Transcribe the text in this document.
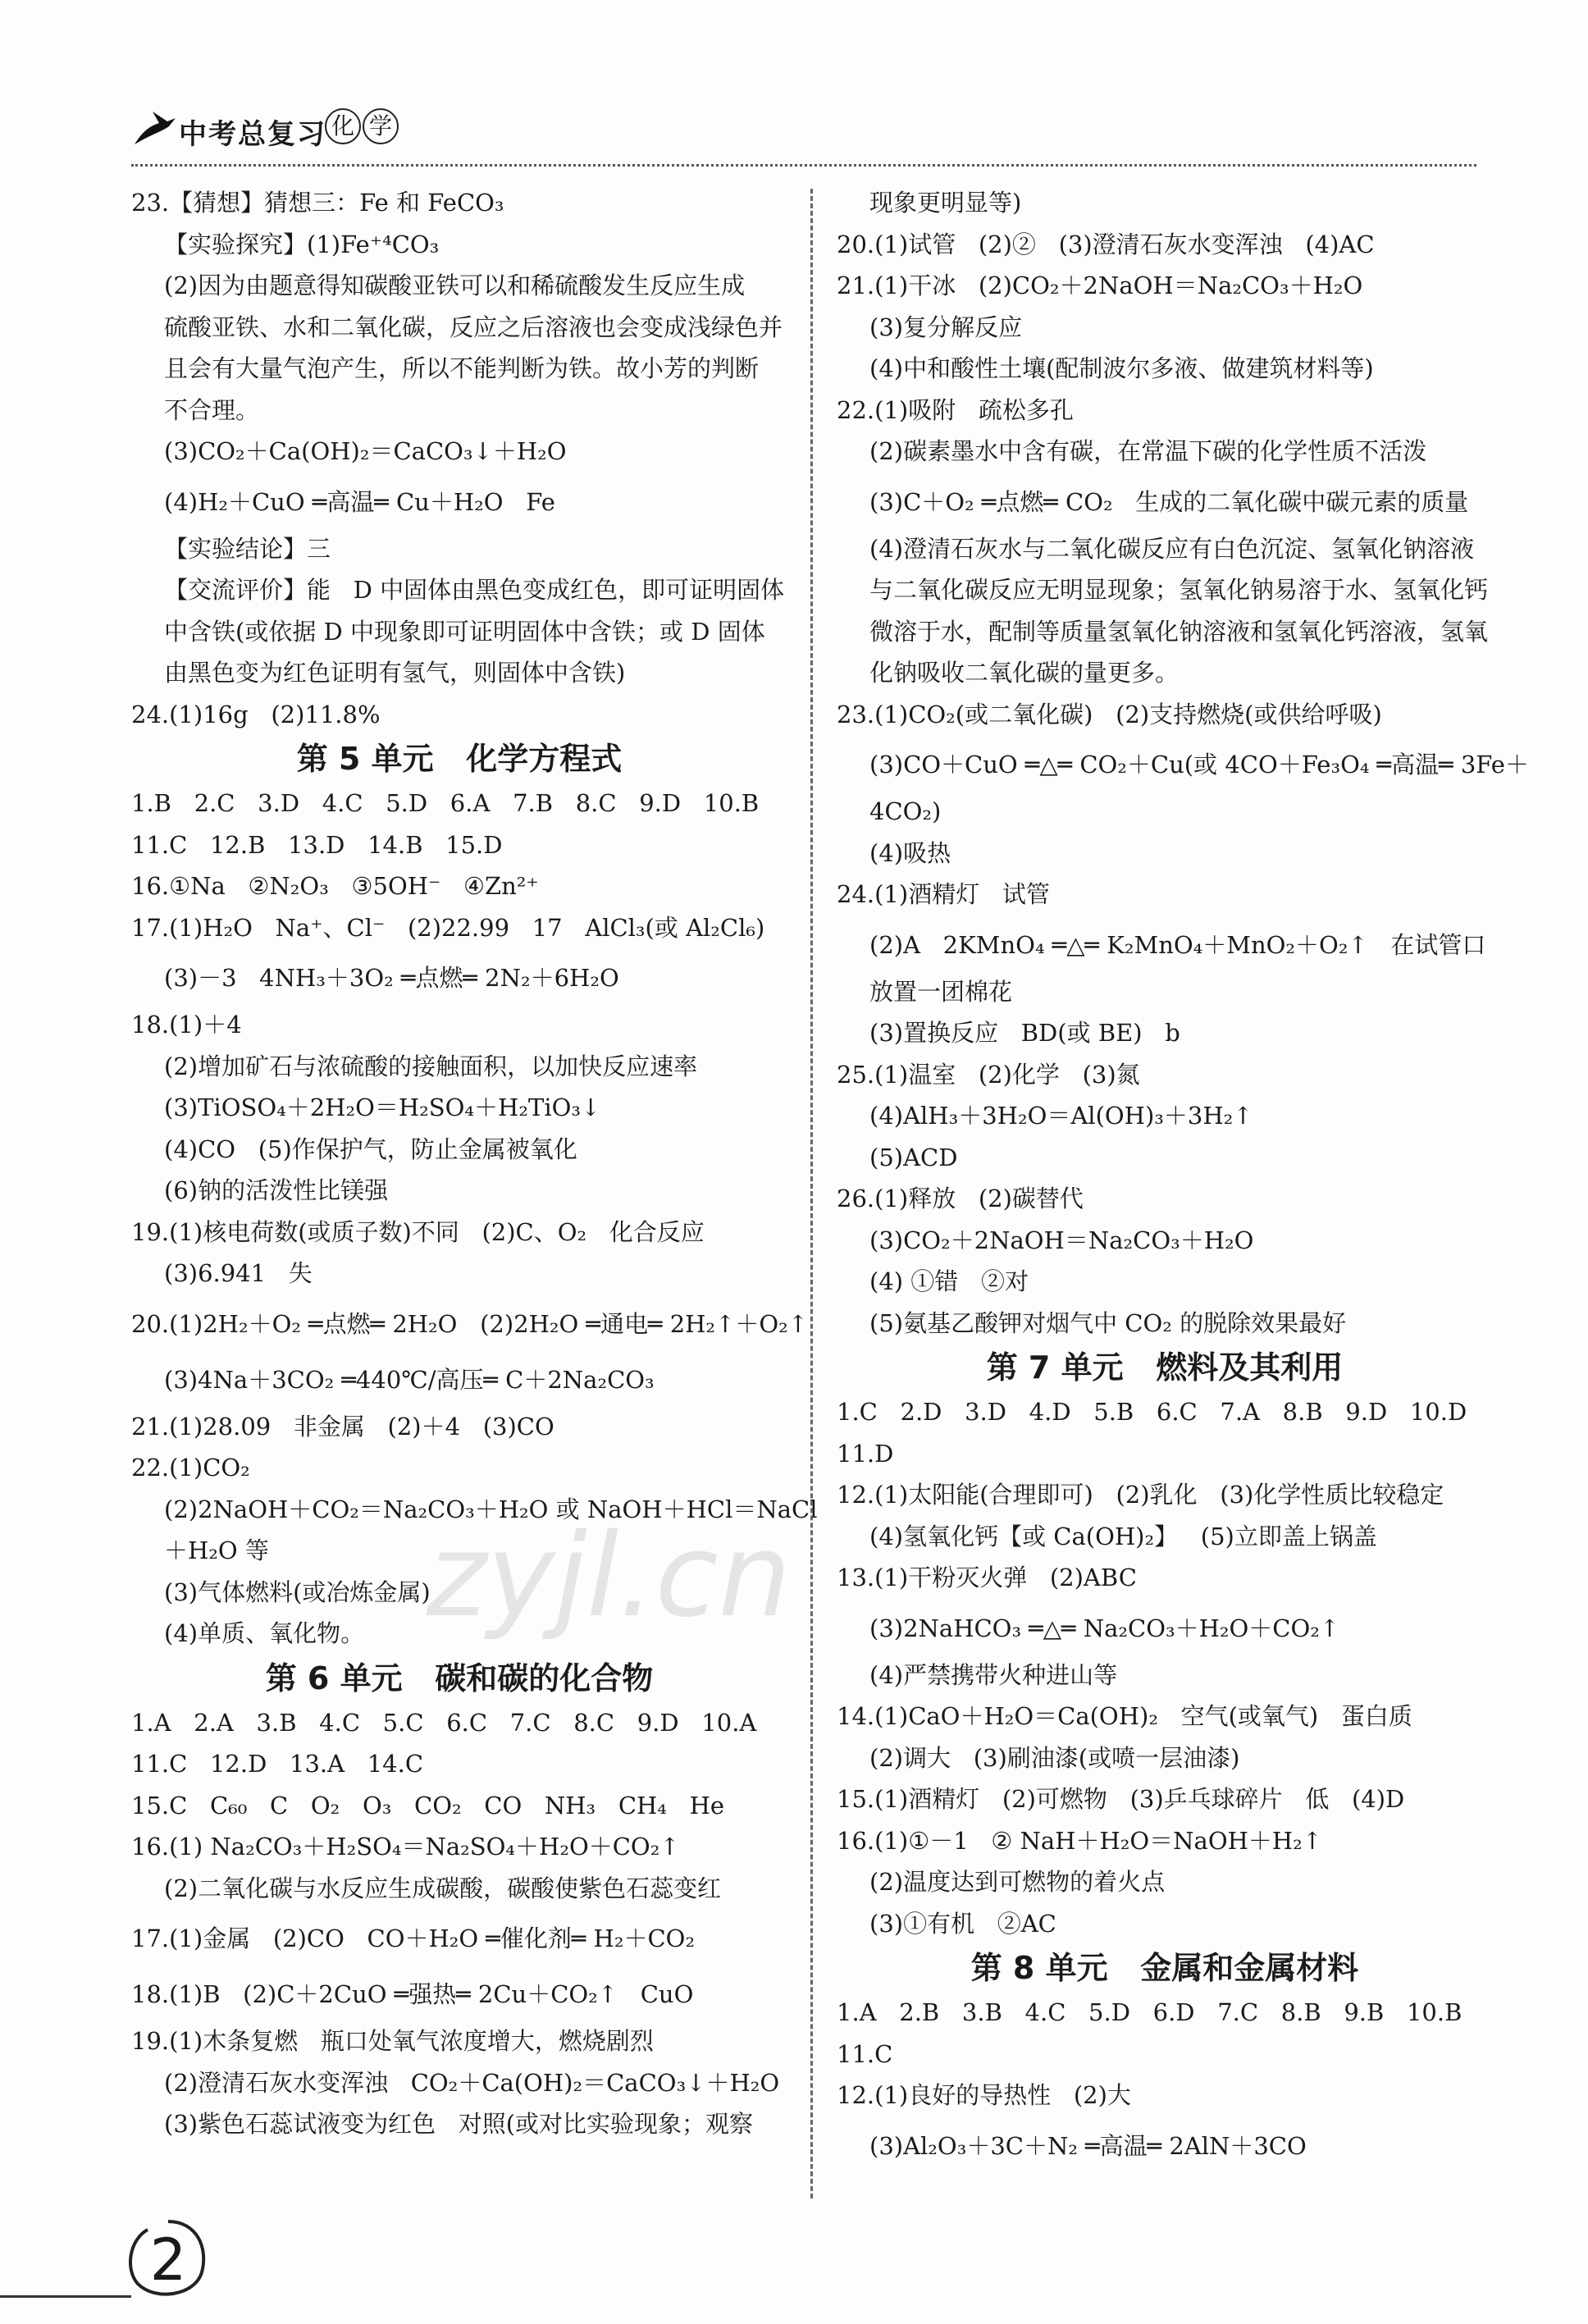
中考总复习 化 学
23.【猜想】猜想三：Fe 和 FeCO₃
【实验探究】(1)Fe⁺⁴CO₃
(2)因为由题意得知碳酸亚铁可以和稀硫酸发生反应生成
硫酸亚铁、水和二氧化碳，反应之后溶液也会变成浅绿色并
且会有大量气泡产生，所以不能判断为铁。故小芳的判断
不合理。
(3)CO₂＋Ca(OH)₂＝CaCO₃↓＋H₂O
(4)H₂＋CuO ═高温═ Cu＋H₂O   Fe
【实验结论】三
【交流评价】能   D 中固体由黑色变成红色，即可证明固体
中含铁(或依据 D 中现象即可证明固体中含铁；或 D 固体
由黑色变为红色证明有氢气，则固体中含铁)
24.(1)16g   (2)11.8%
第 5 单元   化学方程式
1.B   2.C   3.D   4.C   5.D   6.A   7.B   8.C   9.D   10.B
11.C   12.B   13.D   14.B   15.D
16.①Na   ②N₂O₃   ③5OH⁻   ④Zn²⁺
17.(1)H₂O   Na⁺、Cl⁻   (2)22.99   17   AlCl₃(或 Al₂Cl₆)
(3)－3   4NH₃＋3O₂ ═点燃═ 2N₂＋6H₂O
18.(1)＋4
(2)增加矿石与浓硫酸的接触面积，以加快反应速率
(3)TiOSO₄＋2H₂O＝H₂SO₄＋H₂TiO₃↓
(4)CO   (5)作保护气，防止金属被氧化
(6)钠的活泼性比镁强
19.(1)核电荷数(或质子数)不同   (2)C、O₂   化合反应
(3)6.941   失
20.(1)2H₂＋O₂ ═点燃═ 2H₂O   (2)2H₂O ═通电═ 2H₂↑＋O₂↑
(3)4Na＋3CO₂ ═440℃/高压═ C＋2Na₂CO₃
21.(1)28.09   非金属   (2)＋4   (3)CO
22.(1)CO₂
(2)2NaOH＋CO₂＝Na₂CO₃＋H₂O 或 NaOH＋HCl＝NaCl
＋H₂O 等
(3)气体燃料(或冶炼金属)
(4)单质、氧化物。
第 6 单元   碳和碳的化合物
1.A   2.A   3.B   4.C   5.C   6.C   7.C   8.C   9.D   10.A
11.C   12.D   13.A   14.C
15.C   C₆₀   C   O₂   O₃   CO₂   CO   NH₃   CH₄   He
16.(1) Na₂CO₃＋H₂SO₄＝Na₂SO₄＋H₂O＋CO₂↑
(2)二氧化碳与水反应生成碳酸，碳酸使紫色石蕊变红
17.(1)金属   (2)CO   CO＋H₂O ═催化剂═ H₂＋CO₂
18.(1)B   (2)C＋2CuO ═强热═ 2Cu＋CO₂↑   CuO
19.(1)木条复燃   瓶口处氧气浓度增大，燃烧剧烈
(2)澄清石灰水变浑浊   CO₂＋Ca(OH)₂＝CaCO₃↓＋H₂O
(3)紫色石蕊试液变为红色   对照(或对比实验现象；观察
现象更明显等)
20.(1)试管   (2)②   (3)澄清石灰水变浑浊   (4)AC
21.(1)干冰   (2)CO₂＋2NaOH＝Na₂CO₃＋H₂O
(3)复分解反应
(4)中和酸性土壤(配制波尔多液、做建筑材料等)
22.(1)吸附   疏松多孔
(2)碳素墨水中含有碳，在常温下碳的化学性质不活泼
(3)C＋O₂ ═点燃═ CO₂   生成的二氧化碳中碳元素的质量
(4)澄清石灰水与二氧化碳反应有白色沉淀、氢氧化钠溶液
与二氧化碳反应无明显现象；氢氧化钠易溶于水、氢氧化钙
微溶于水，配制等质量氢氧化钠溶液和氢氧化钙溶液，氢氧
化钠吸收二氧化碳的量更多。
23.(1)CO₂(或二氧化碳)   (2)支持燃烧(或供给呼吸)
(3)CO＋CuO ═△═ CO₂＋Cu(或 4CO＋Fe₃O₄ ═高温═ 3Fe＋
4CO₂)
(4)吸热
24.(1)酒精灯   试管
(2)A   2KMnO₄ ═△═ K₂MnO₄＋MnO₂＋O₂↑   在试管口
放置一团棉花
(3)置换反应   BD(或 BE)   b
25.(1)温室   (2)化学   (3)氮
(4)AlH₃＋3H₂O＝Al(OH)₃＋3H₂↑
(5)ACD
26.(1)释放   (2)碳替代
(3)CO₂＋2NaOH＝Na₂CO₃＋H₂O
(4) ①错   ②对
(5)氨基乙酸钾对烟气中 CO₂ 的脱除效果最好
第 7 单元   燃料及其利用
1.C   2.D   3.D   4.D   5.B   6.C   7.A   8.B   9.D   10.D
11.D
12.(1)太阳能(合理即可)   (2)乳化   (3)化学性质比较稳定
(4)氢氧化钙【或 Ca(OH)₂】   (5)立即盖上锅盖
13.(1)干粉灭火弹   (2)ABC
(3)2NaHCO₃ ═△═ Na₂CO₃＋H₂O＋CO₂↑
(4)严禁携带火种进山等
14.(1)CaO＋H₂O＝Ca(OH)₂   空气(或氧气)   蛋白质
(2)调大   (3)刷油漆(或喷一层油漆)
15.(1)酒精灯   (2)可燃物   (3)乒乓球碎片   低   (4)D
16.(1)①－1   ② NaH＋H₂O＝NaOH＋H₂↑
(2)温度达到可燃物的着火点
(3)①有机   ②AC
第 8 单元   金属和金属材料
1.A   2.B   3.B   4.C   5.D   6.D   7.C   8.B   9.B   10.B
11.C
12.(1)良好的导热性   (2)大
(3)Al₂O₃＋3C＋N₂ ═高温═ 2AlN＋3CO
zyjl.cn
2
